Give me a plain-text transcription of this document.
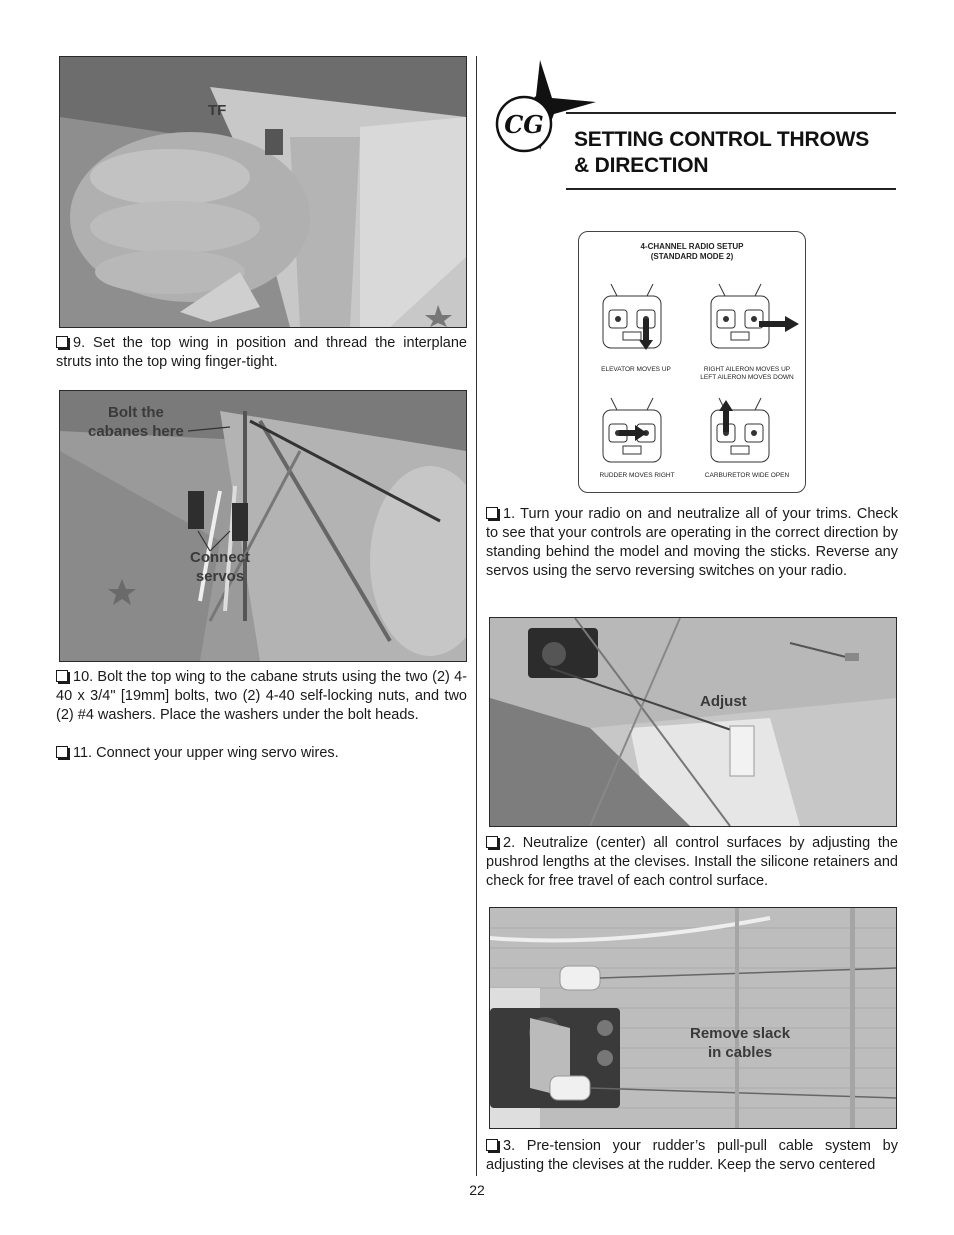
TF
9. Set the top wing in position and thread the interplane struts into the top wing finger-tight.
Bolt the
cabanes here
Connect
servos
10. Bolt the top wing to the cabane struts using the two (2) 4-40 x 3/4" [19mm] bolts, two (2) 4-40 self-locking nuts, and two (2) #4 washers. Place the washers under the bolt heads.
11. Connect your upper wing servo wires.
CG
SETTING CONTROL THROWS
& DIRECTION
4-CHANNEL RADIO SETUP
(STANDARD MODE 2)
ELEVATOR MOVES UP	RIGHT AILERON MOVES UP
LEFT AILERON MOVES DOWN
RUDDER MOVES RIGHT	CARBURETOR WIDE OPEN
1. Turn your radio on and neutralize all of your trims. Check to see that your controls are operating in the correct direction by standing behind the model and moving the sticks. Reverse any servos using the servo reversing switches on your radio.
Adjust
2. Neutralize (center) all control surfaces by adjusting the pushrod lengths at the clevises. Install the silicone retainers and check for free travel of each control surface.
Remove slack
in cables
3. Pre-tension your rudder’s pull-pull cable system by adjusting the clevises at the rudder. Keep the servo centered
22
